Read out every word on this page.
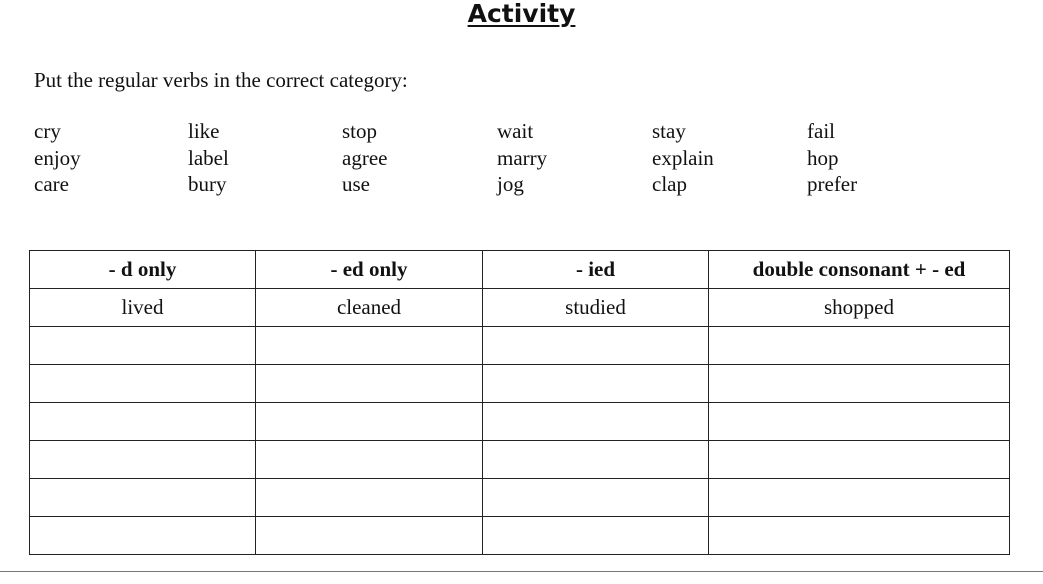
Activity
Put the regular verbs in the correct category:
cry
enjoy
care
like
label
bury
stop
agree
use
wait
marry
jog
stay
explain
clap
fail
hop
prefer
- d only	- ed only	- ied	double consonant + - ed
lived	cleaned	studied	shopped
